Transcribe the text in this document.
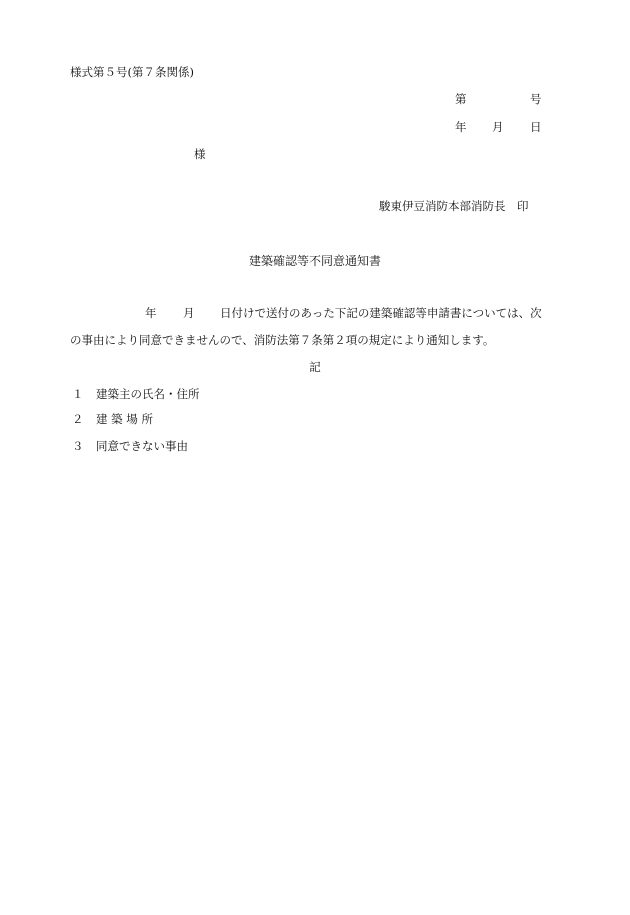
様式第５号(第７条関係)
第	号
年 月 日
様
駿東伊豆消防本部消防長　印
建築確認等不同意通知書
年 月 日付けで送付のあった下記の建築確認等申請書については、次
の事由により同意できませんので、消防法第７条第２項の規定により通知します。
記
１ 建築主の氏名・住所
２ 建 築 場 所
３ 同意できない事由
